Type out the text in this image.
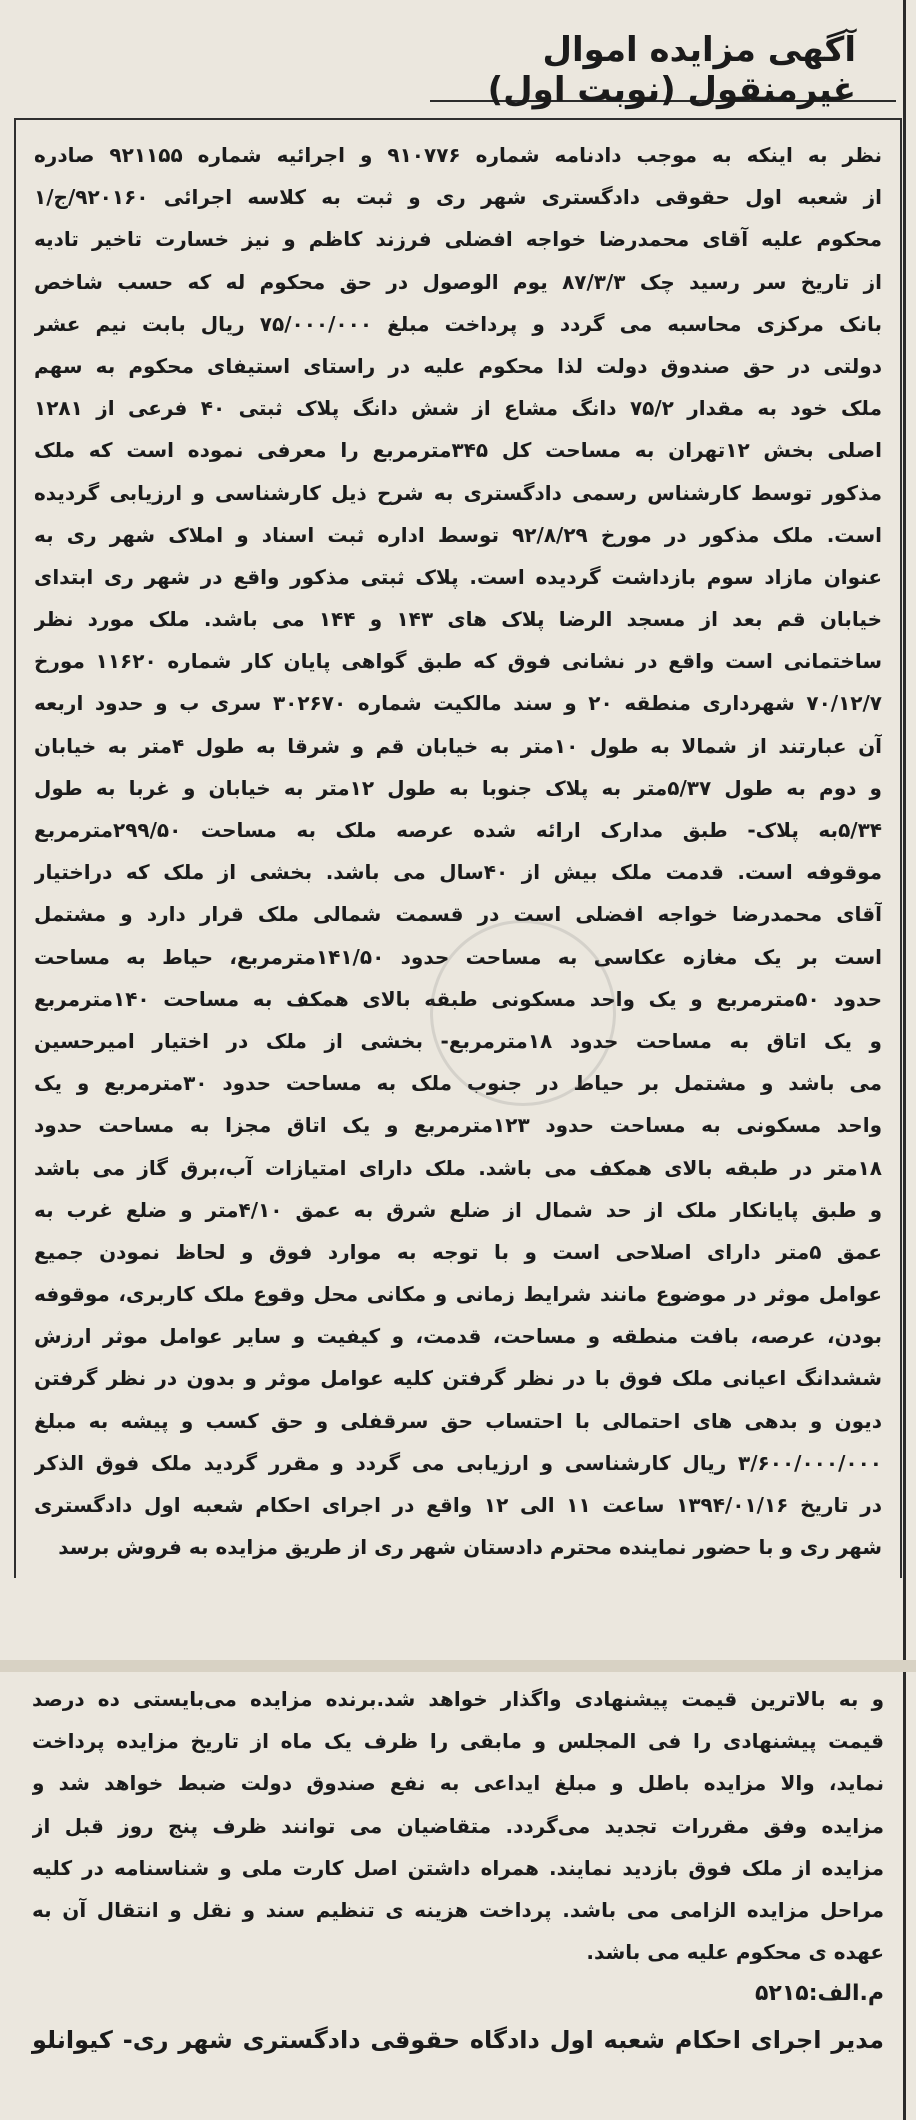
آگهی مزایده اموال غیرمنقول (نوبت اول)
نظر به اینکه به موجب دادنامه شماره ۹۱۰۷۷۶ و اجرائیه شماره ۹۲۱۱۵۵ صادره
از شعبه اول حقوقی دادگستری شهر ری و ثبت به کلاسه اجرائی ۹۲۰۱۶۰/ج/۱
محکوم علیه آقای محمدرضا خواجه افضلی فرزند کاظم و نیز خسارت تاخیر تادیه
از تاریخ سر رسید چک ۸۷/۳/۳ یوم الوصول در حق محکوم له که حسب شاخص
بانک مرکزی محاسبه می گردد و پرداخت مبلغ ۷۵/۰۰۰/۰۰۰ ریال بابت نیم عشر
دولتی در حق صندوق دولت لذا محکوم علیه در راستای استیفای محکوم به سهم
ملک خود به مقدار ۷۵/۲ دانگ مشاع از شش دانگ پلاک ثبتی ۴۰ فرعی از ۱۲۸۱
اصلی بخش ۱۲تهران به مساحت کل ۳۴۵مترمربع را معرفی نموده است که ملک
مذکور توسط کارشناس رسمی دادگستری به شرح ذیل کارشناسی و ارزیابی گردیده
است. ملک مذکور در مورخ ۹۲/۸/۲۹ توسط اداره ثبت اسناد و املاک شهر ری به
عنوان مازاد سوم بازداشت گردیده است. پلاک ثبتی مذکور واقع در شهر ری ابتدای
خیابان قم بعد از مسجد الرضا پلاک های ۱۴۳ و ۱۴۴ می باشد. ملک مورد نظر
ساختمانی است واقع در نشانی فوق که طبق گواهی پایان کار شماره ۱۱۶۲۰ مورخ
۷۰/۱۲/۷ شهرداری منطقه ۲۰ و سند مالکیت شماره ۳۰۲۶۷۰ سری ب و حدود اربعه
آن عبارتند از شمالا به طول ۱۰متر به خیابان قم و شرقا به طول ۴متر به خیابان
و دوم به طول ۵/۳۷متر به پلاک جنوبا به طول ۱۲متر به خیابان و غربا به طول
۵/۳۴به پلاک- طبق مدارک ارائه شده عرصه ملک به مساحت ۲۹۹/۵۰مترمربع
موقوفه است. قدمت ملک بیش از ۴۰سال می باشد. بخشی از ملک که دراختیار
آقای محمدرضا خواجه افضلی است در قسمت شمالی ملک قرار دارد و مشتمل
است بر یک مغازه عکاسی به مساحت حدود ۱۴۱/۵۰مترمربع، حیاط به مساحت
حدود ۵۰مترمربع و یک واحد مسکونی طبقه بالای همکف به مساحت ۱۴۰مترمربع
و یک اتاق به مساحت حدود ۱۸مترمربع- بخشی از ملک در اختیار امیرحسین
می باشد و مشتمل بر حیاط در جنوب ملک به مساحت حدود ۳۰مترمربع و یک
واحد مسکونی به مساحت حدود ۱۲۳مترمربع و یک اتاق مجزا به مساحت حدود
۱۸متر در طبقه بالای همکف می باشد. ملک دارای امتیازات آب،برق گاز می باشد
و طبق پایانکار ملک از حد شمال از ضلع شرق به عمق ۴/۱۰متر و ضلع غرب به
عمق ۵متر دارای اصلاحی است و با توجه به موارد فوق و لحاظ نمودن جمیع
عوامل موثر در موضوع مانند شرایط زمانی و مکانی محل وقوع ملک کاربری، موقوفه
بودن، عرصه، بافت منطقه و مساحت، قدمت، و کیفیت و سایر عوامل موثر ارزش
ششدانگ اعیانی ملک فوق با در نظر گرفتن کلیه عوامل موثر و بدون در نظر گرفتن
دیون و بدهی های احتمالی با احتساب حق سرقفلی و حق کسب و پیشه به مبلغ
۳/۶۰۰/۰۰۰/۰۰۰ ریال کارشناسی و ارزیابی می گردد و مقرر گردید ملک فوق الذکر
در تاریخ ۱۳۹۴/۰۱/۱۶ ساعت ۱۱ الی ۱۲ واقع در اجرای احکام شعبه اول دادگستری
شهر ری و با حضور نماینده محترم دادستان شهر ری از طریق مزایده به فروش برسد
و به بالاترین قیمت پیشنهادی واگذار خواهد شد.برنده مزایده می‌بایستی ده درصد
قیمت پیشنهادی را فی المجلس و مابقی را ظرف یک ماه از تاریخ مزایده پرداخت
نماید، والا مزایده باطل و مبلغ ایداعی به نفع صندوق دولت ضبط خواهد شد و
مزایده وفق مقررات تجدید می‌گردد. متقاضیان می توانند ظرف پنج روز قبل از
مزایده از ملک فوق بازدید نمایند. همراه داشتن اصل کارت ملی و شناسنامه در کلیه
مراحل مزایده الزامی می باشد. پرداخت هزینه ی تنظیم سند و نقل و انتقال آن به
عهده ی محکوم علیه می باشد.
م.الف:۵۲۱۵
مدیر اجرای احکام شعبه اول دادگاه حقوقی دادگستری شهر ری- کیوانلو
